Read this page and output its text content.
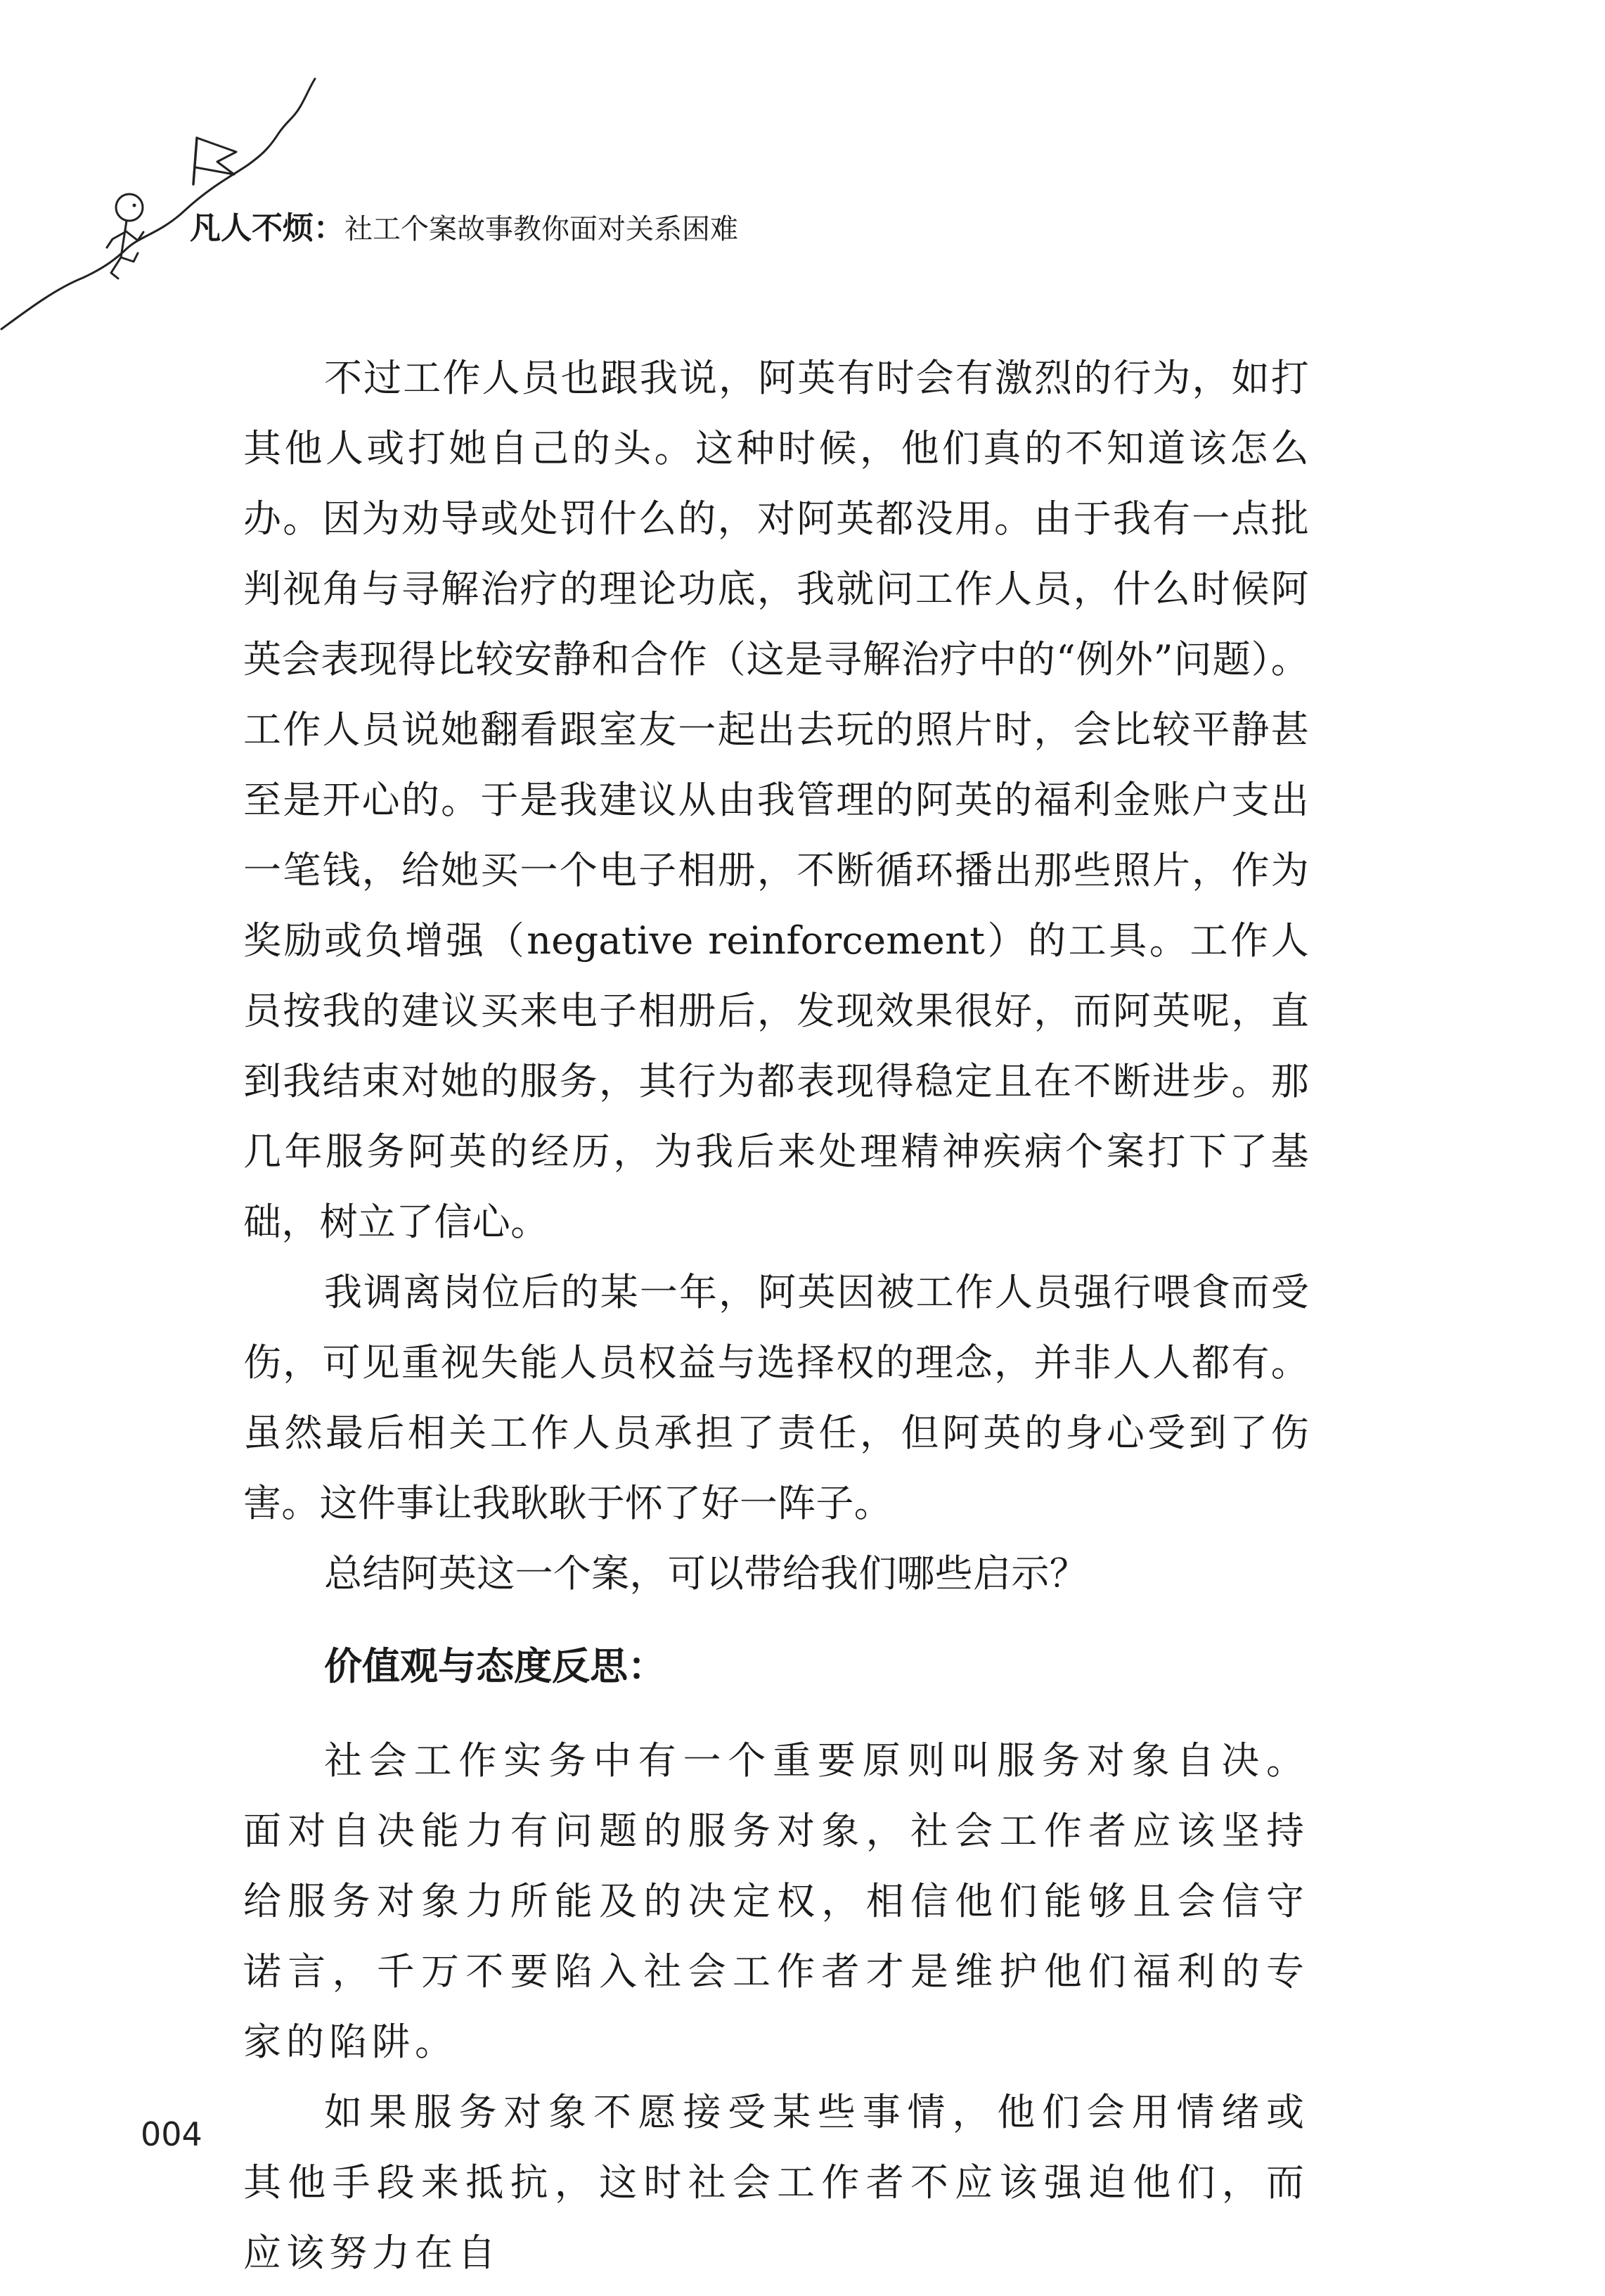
凡人不烦：社工个案故事教你面对关系困难

不过工作人员也跟我说，阿英有时会有激烈的行为，如打其他人或打她自己的头。这种时候，他们真的不知道该怎么办。因为劝导或处罚什么的，对阿英都没用。由于我有一点批判视角与寻解治疗的理论功底，我就问工作人员，什么时候阿英会表现得比较安静和合作（这是寻解治疗中的“例外”问题）。工作人员说她翻看跟室友一起出去玩的照片时，会比较平静甚至是开心的。于是我建议从由我管理的阿英的福利金账户支出一笔钱，给她买一个电子相册，不断循环播出那些照片，作为奖励或负增强（negative reinforcement）的工具。工作人员按我的建议买来电子相册后，发现效果很好，而阿英呢，直到我结束对她的服务，其行为都表现得稳定且在不断进步。那几年服务阿英的经历，为我后来处理精神疾病个案打下了基础，树立了信心。

我调离岗位后的某一年，阿英因被工作人员强行喂食而受伤，可见重视失能人员权益与选择权的理念，并非人人都有。虽然最后相关工作人员承担了责任，但阿英的身心受到了伤害。这件事让我耿耿于怀了好一阵子。

总结阿英这一个案，可以带给我们哪些启示？

价值观与态度反思：

社会工作实务中有一个重要原则叫服务对象自决。面对自决能力有问题的服务对象，社会工作者应该坚持给服务对象力所能及的决定权，相信他们能够且会信守诺言，千万不要陷入社会工作者才是维护他们福利的专家的陷阱。

如果服务对象不愿接受某些事情，他们会用情绪或其他手段来抵抗，这时社会工作者不应该强迫他们，而应该努力在自

004
